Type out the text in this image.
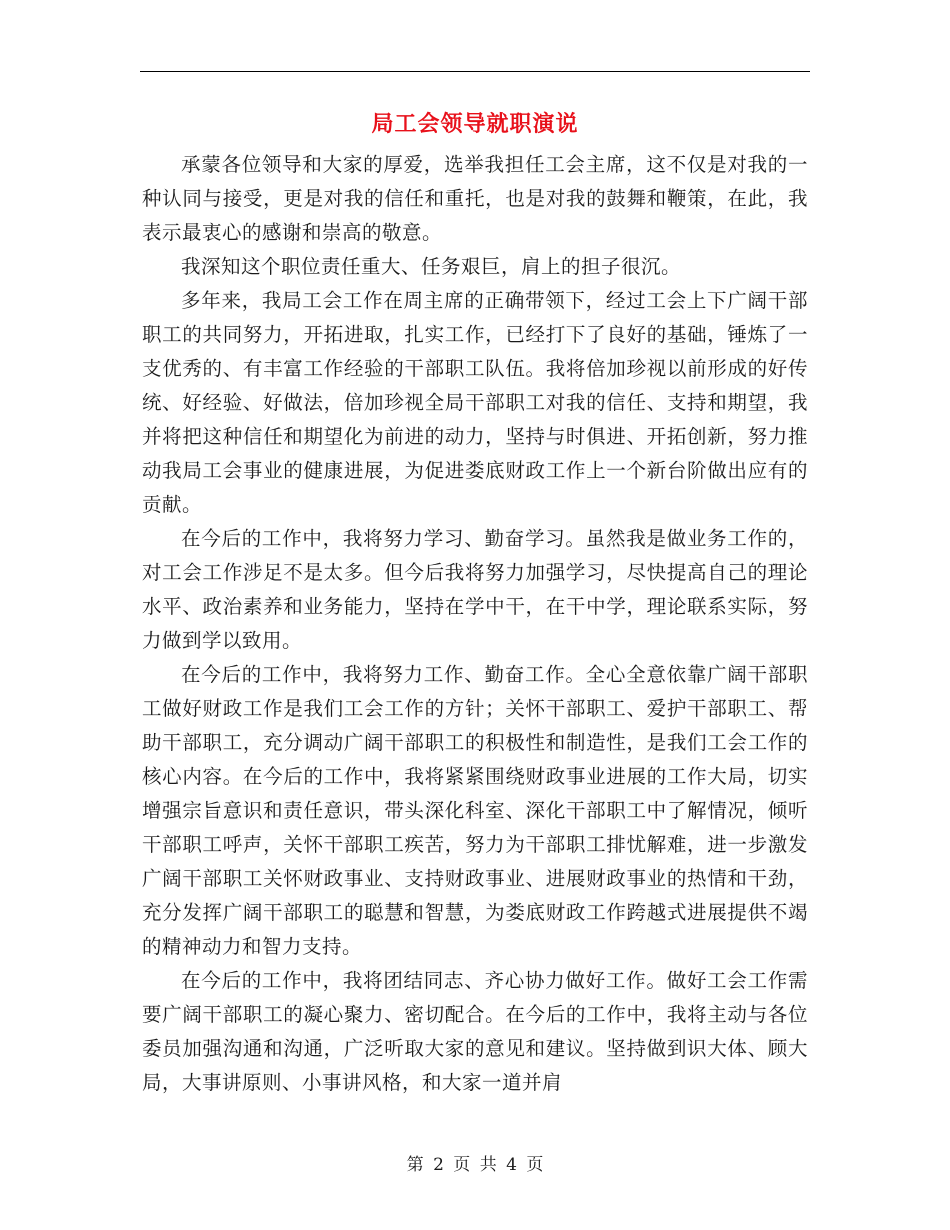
局工会领导就职演说

承蒙各位领导和大家的厚爱，选举我担任工会主席，这不仅是对我的一种认同与接受，更是对我的信任和重托，也是对我的鼓舞和鞭策，在此，我表示最衷心的感谢和崇高的敬意。

我深知这个职位责任重大、任务艰巨，肩上的担子很沉。

多年来，我局工会工作在周主席的正确带领下，经过工会上下广阔干部职工的共同努力，开拓进取，扎实工作，已经打下了良好的基础，锤炼了一支优秀的、有丰富工作经验的干部职工队伍。我将倍加珍视以前形成的好传统、好经验、好做法，倍加珍视全局干部职工对我的信任、支持和期望，我并将把这种信任和期望化为前进的动力，坚持与时俱进、开拓创新，努力推动我局工会事业的健康进展，为促进娄底财政工作上一个新台阶做出应有的贡献。

在今后的工作中，我将努力学习、勤奋学习。虽然我是做业务工作的，对工会工作涉足不是太多。但今后我将努力加强学习，尽快提高自己的理论水平、政治素养和业务能力，坚持在学中干，在干中学，理论联系实际，努力做到学以致用。

在今后的工作中，我将努力工作、勤奋工作。全心全意依靠广阔干部职工做好财政工作是我们工会工作的方针；关怀干部职工、爱护干部职工、帮助干部职工，充分调动广阔干部职工的积极性和制造性，是我们工会工作的核心内容。在今后的工作中，我将紧紧围绕财政事业进展的工作大局，切实增强宗旨意识和责任意识，带头深化科室、深化干部职工中了解情况，倾听干部职工呼声，关怀干部职工疾苦，努力为干部职工排忧解难，进一步激发广阔干部职工关怀财政事业、支持财政事业、进展财政事业的热情和干劲，充分发挥广阔干部职工的聪慧和智慧，为娄底财政工作跨越式进展提供不竭的精神动力和智力支持。

在今后的工作中，我将团结同志、齐心协力做好工作。做好工会工作需要广阔干部职工的凝心聚力、密切配合。在今后的工作中，我将主动与各位委员加强沟通和沟通，广泛听取大家的意见和建议。坚持做到识大体、顾大局，大事讲原则、小事讲风格，和大家一道并肩

第 2 页 共 4 页
